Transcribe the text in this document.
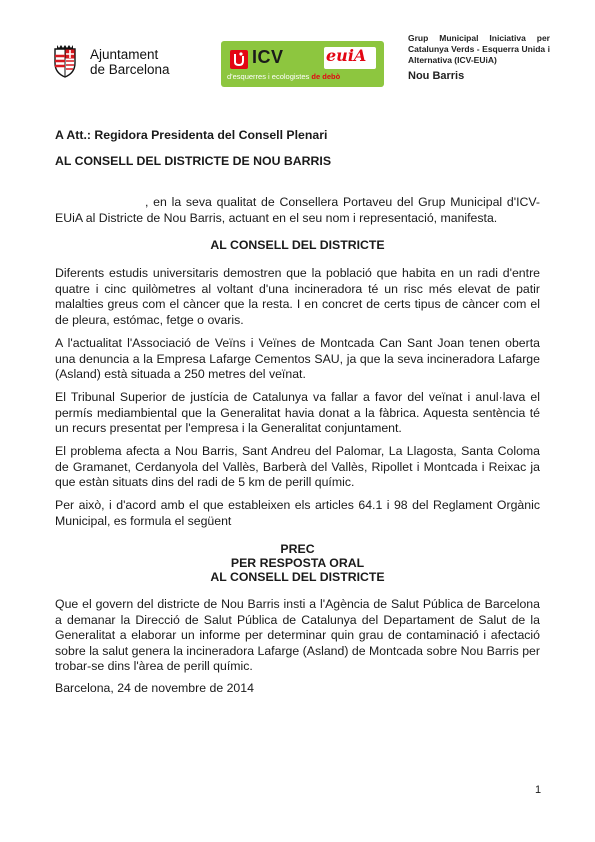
Ajuntament
de Barcelona
ICV	euiA
d'esquerres i ecologistes de debò
Grup Municipal Iniciativa per Catalunya Verds - Esquerra Unida i Alternativa (ICV-EUiA)
Nou Barris
A Att.: Regidora Presidenta del Consell Plenari
AL CONSELL DEL DISTRICTE DE NOU BARRIS
, en la seva qualitat de Consellera Portaveu del Grup Municipal d'ICV-EUiA al Districte de Nou Barris, actuant en el seu nom i representació, manifesta.
AL CONSELL DEL DISTRICTE
Diferents estudis universitaris demostren que la població que habita en un radi d'entre quatre i cinc quilòmetres al voltant d'una incineradora té un risc més elevat de patir malalties greus com el càncer que la resta. I en concret de certs tipus de càncer com el de pleura, estómac, fetge o ovaris.
A l'actualitat l'Associació de Veïns i Veïnes de Montcada Can Sant Joan tenen oberta una denuncia a la Empresa Lafarge Cementos SAU, ja que la seva incineradora Lafarge (Asland) està situada a 250 metres del veïnat.
El Tribunal Superior de justícia de Catalunya va fallar a favor del veïnat i anul·lava el permís mediambiental que la Generalitat havia donat a la fàbrica. Aquesta sentència té un recurs presentat per l'empresa i la Generalitat conjuntament.
El problema afecta a Nou Barris, Sant Andreu del Palomar, La Llagosta, Santa Coloma de Gramanet, Cerdanyola del Vallès, Barberà del Vallès, Ripollet i Montcada i Reixac ja que estàn situats dins del radi de 5 km de perill químic.
Per això, i d'acord amb el que estableixen els articles 64.1 i 98 del Reglament Orgànic Municipal, es formula el següent
PREC
PER RESPOSTA ORAL
AL CONSELL DEL DISTRICTE
Que el govern del districte de Nou Barris insti a l'Agència de Salut Pública de Barcelona a demanar la Direcció de Salut Pública de Catalunya del Departament de Salut de la Generalitat a elaborar un informe per determinar quin grau de contaminació i afectació sobre la salut genera la incineradora Lafarge (Asland) de Montcada sobre Nou Barris per trobar-se dins l'àrea de perill químic.
Barcelona, 24 de novembre de 2014
1
